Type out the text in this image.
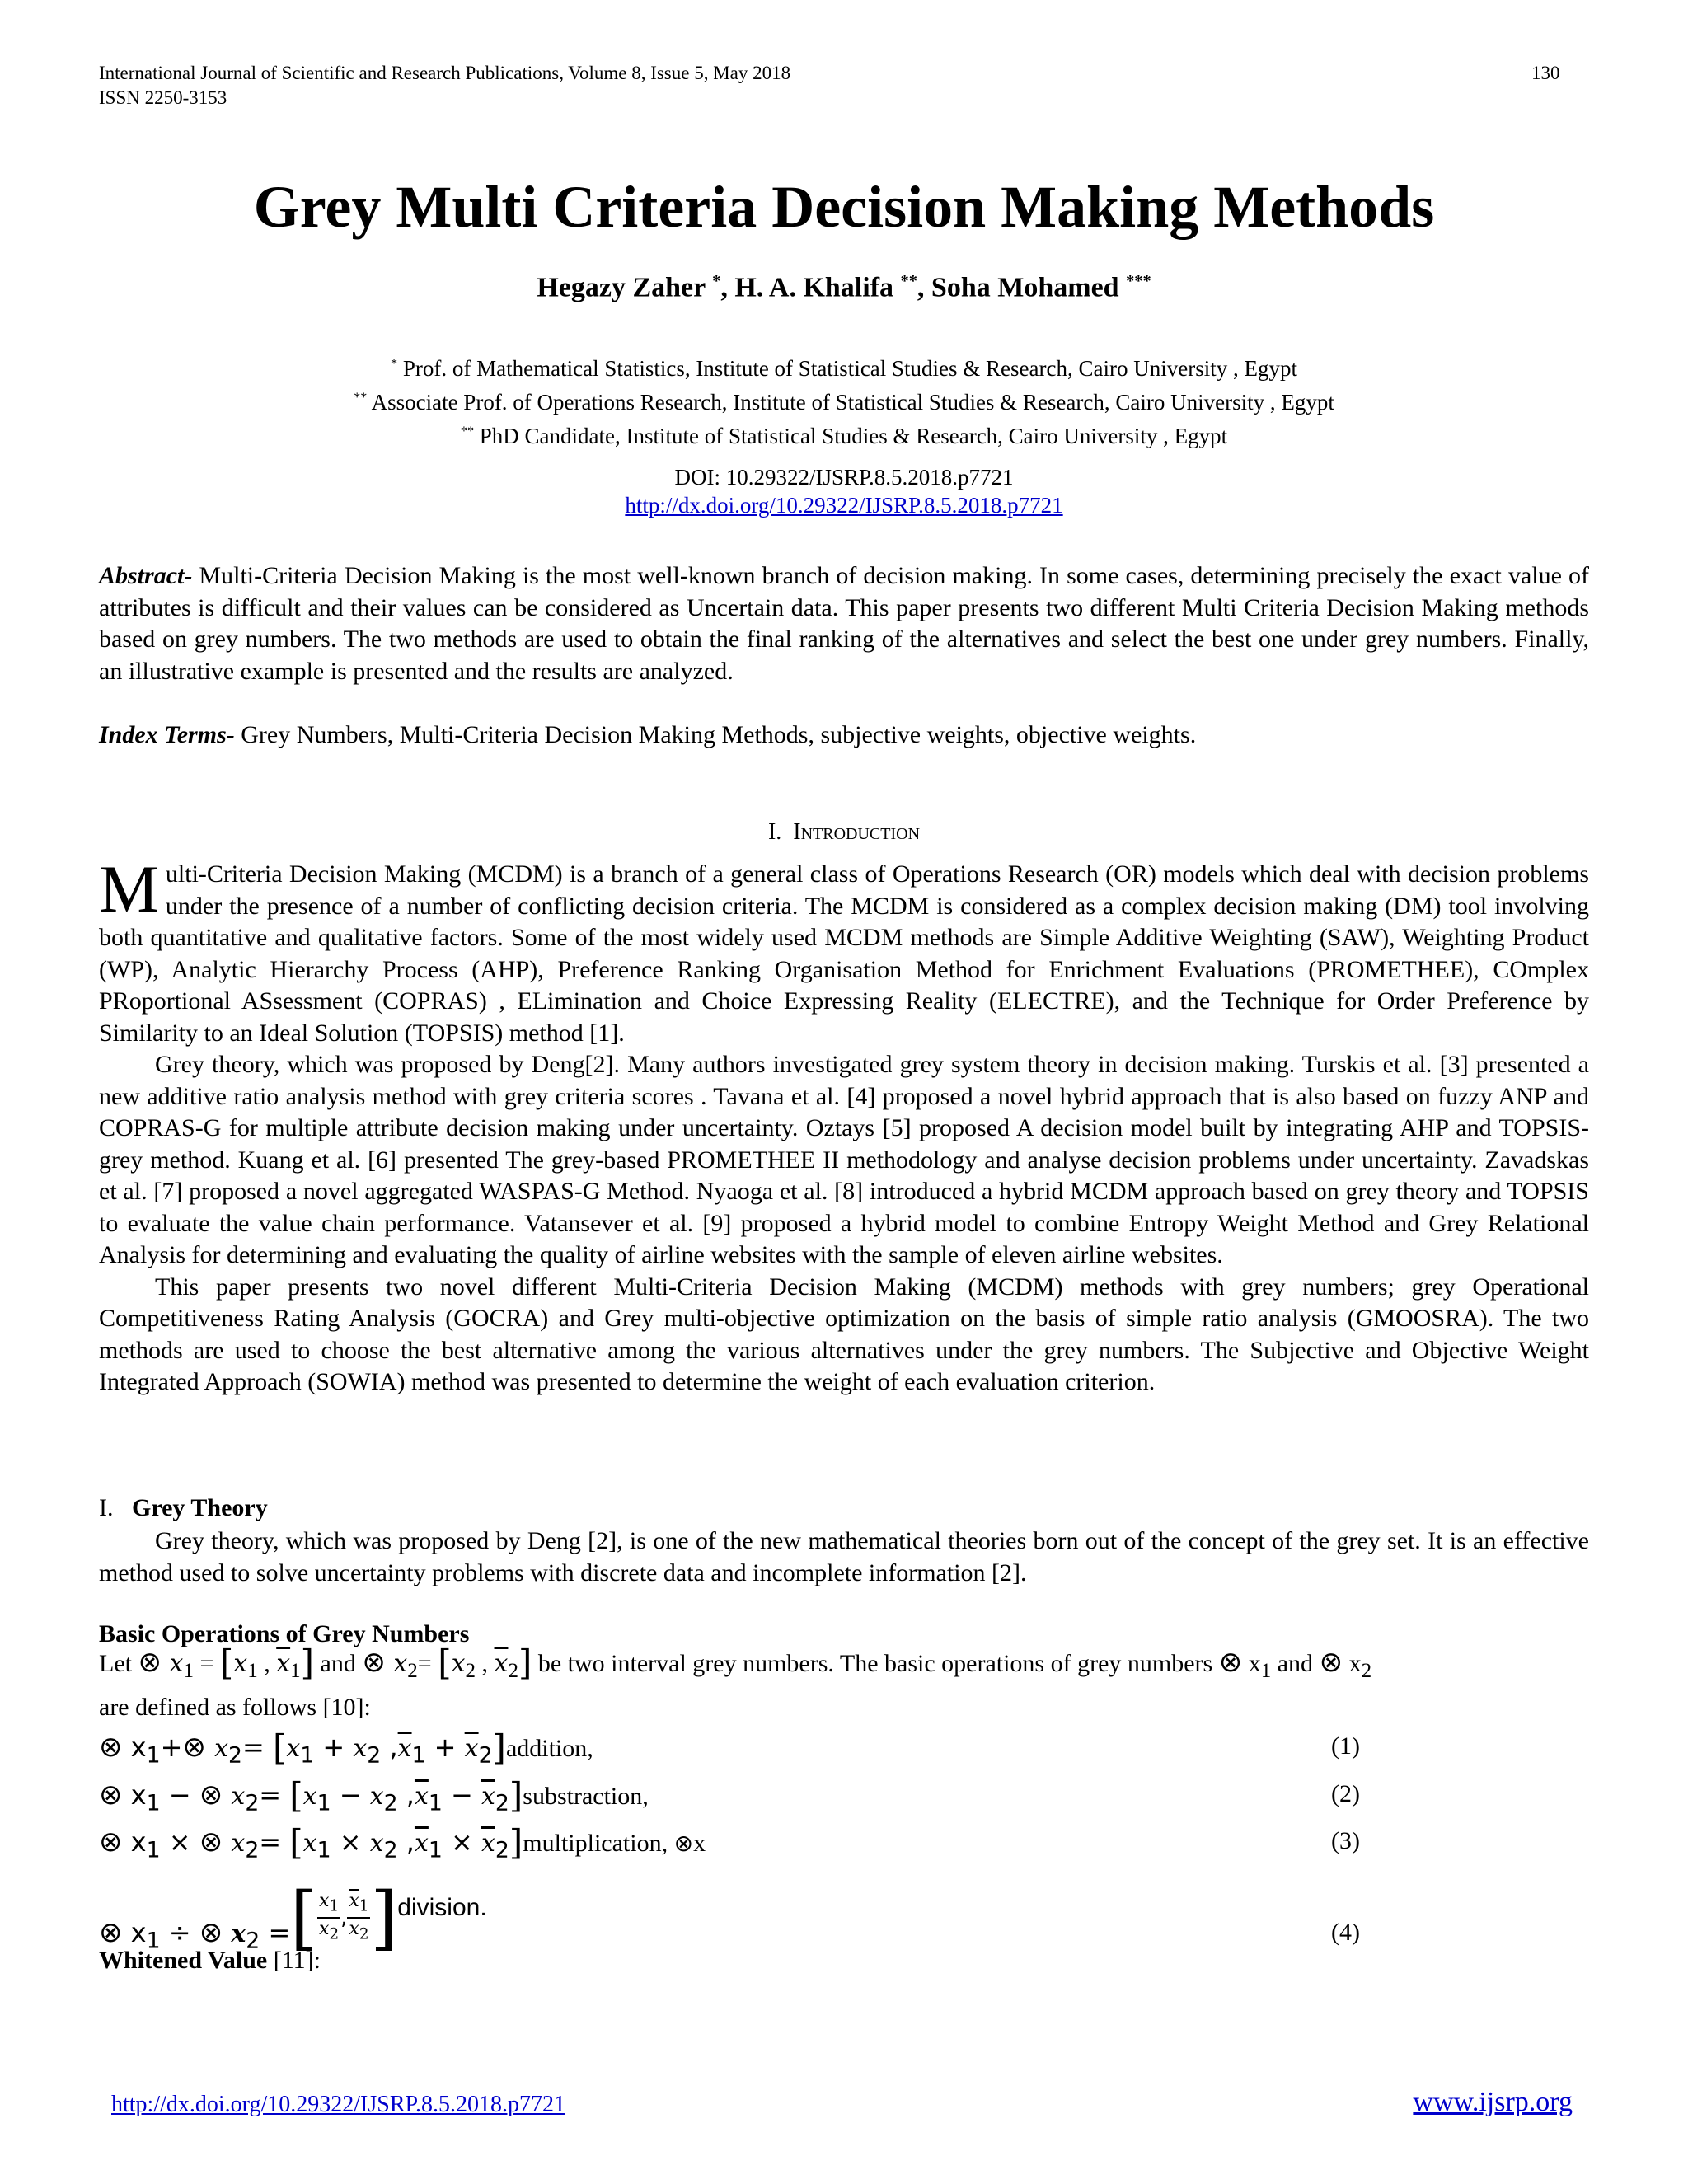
International Journal of Scientific and Research Publications, Volume 8, Issue 5, May 2018
ISSN 2250-3153
130
Grey Multi Criteria Decision Making Methods
Hegazy Zaher *, H. A. Khalifa **, Soha Mohamed ***
* Prof. of Mathematical Statistics, Institute of Statistical Studies & Research, Cairo University , Egypt
** Associate Prof. of Operations Research, Institute of Statistical Studies & Research, Cairo University , Egypt
** PhD Candidate, Institute of Statistical Studies & Research, Cairo University , Egypt
DOI: 10.29322/IJSRP.8.5.2018.p7721
http://dx.doi.org/10.29322/IJSRP.8.5.2018.p7721

Abstract- Multi-Criteria Decision Making is the most well-known branch of decision making. In some cases, determining precisely the exact value of attributes is difficult and their values can be considered as Uncertain data. This paper presents two different Multi Criteria Decision Making methods based on grey numbers. The two methods are used to obtain the final ranking of the alternatives and select the best one under grey numbers. Finally, an illustrative example is presented and the results are analyzed.

Index Terms- Grey Numbers, Multi-Criteria Decision Making Methods, subjective weights, objective weights.

I. Introduction

Multi-Criteria Decision Making (MCDM) is a branch of a general class of Operations Research (OR) models which deal with decision problems under the presence of a number of conflicting decision criteria. The MCDM is considered as a complex decision making (DM) tool involving both quantitative and qualitative factors. Some of the most widely used MCDM methods are Simple Additive Weighting (SAW), Weighting Product (WP), Analytic Hierarchy Process (AHP), Preference Ranking Organisation Method for Enrichment Evaluations (PROMETHEE), COmplex PRoportional ASsessment (COPRAS) , ELimination and Choice Expressing Reality (ELECTRE), and the Technique for Order Preference by Similarity to an Ideal Solution (TOPSIS) method [1].

Grey theory, which was proposed by Deng[2]. Many authors investigated grey system theory in decision making. Turskis et al. [3] presented a new additive ratio analysis method with grey criteria scores . Tavana et al. [4] proposed a novel hybrid approach that is also based on fuzzy ANP and COPRAS-G for multiple attribute decision making under uncertainty. Oztays [5] proposed A decision model built by integrating AHP and TOPSIS-grey method. Kuang et al. [6] presented The grey-based PROMETHEE II methodology and analyse decision problems under uncertainty. Zavadskas et al. [7] proposed a novel aggregated WASPAS-G Method. Nyaoga et al. [8] introduced a hybrid MCDM approach based on grey theory and TOPSIS to evaluate the value chain performance. Vatansever et al. [9] proposed a hybrid model to combine Entropy Weight Method and Grey Relational Analysis for determining and evaluating the quality of airline websites with the sample of eleven airline websites.

This paper presents two novel different Multi-Criteria Decision Making (MCDM) methods with grey numbers; grey Operational Competitiveness Rating Analysis (GOCRA) and Grey multi-objective optimization on the basis of simple ratio analysis (GMOOSRA). The two methods are used to choose the best alternative among the various alternatives under the grey numbers. The Subjective and Objective Weight Integrated Approach (SOWIA) method was presented to determine the weight of each evaluation criterion.

I. Grey Theory

Grey theory, which was proposed by Deng [2], is one of the new mathematical theories born out of the concept of the grey set. It is an effective method used to solve uncertainty problems with discrete data and incomplete information [2].

Basic Operations of Grey Numbers
Let ⊗ $x_1 = [x_1$ , $\overline{x}_1$] and ⊗ $x_2= [x_2$ , $\overline{x}_2$] be two interval grey numbers. The basic operations of grey numbers ⊗ $x_1$ and ⊗ $x_2$
are defined as follows [10]:
⊗ $x_1+\otimes$ $x_2= [x_1 + x_2$ $,\overline{x}_1$ + $\overline{x}_2]addition$,	(1)
⊗ $x_1$ − ⊗ $x_2= [x_1 - x_2$ $,\overline{x}_1$ − $\overline{x}_2]substraction$,	(2)
⊗ $x_1$ × ⊗ $x_2= [x_1 \times x_2$ $,\overline{x}_1$ × $\overline{x}_2]multiplication$, ⊗x	(3)
⊗ $x_1$ ÷ ⊗ $x_2$ = [ $\frac{x_1}{\overline{x}_2}$ , $\frac{\overline{x}_1}{x_2}$ ] division.
(4)
Whitened Value [11]:
http://dx.doi.org/10.29322/IJSRP.8.5.2018.p7721	www.ijsrp.org
